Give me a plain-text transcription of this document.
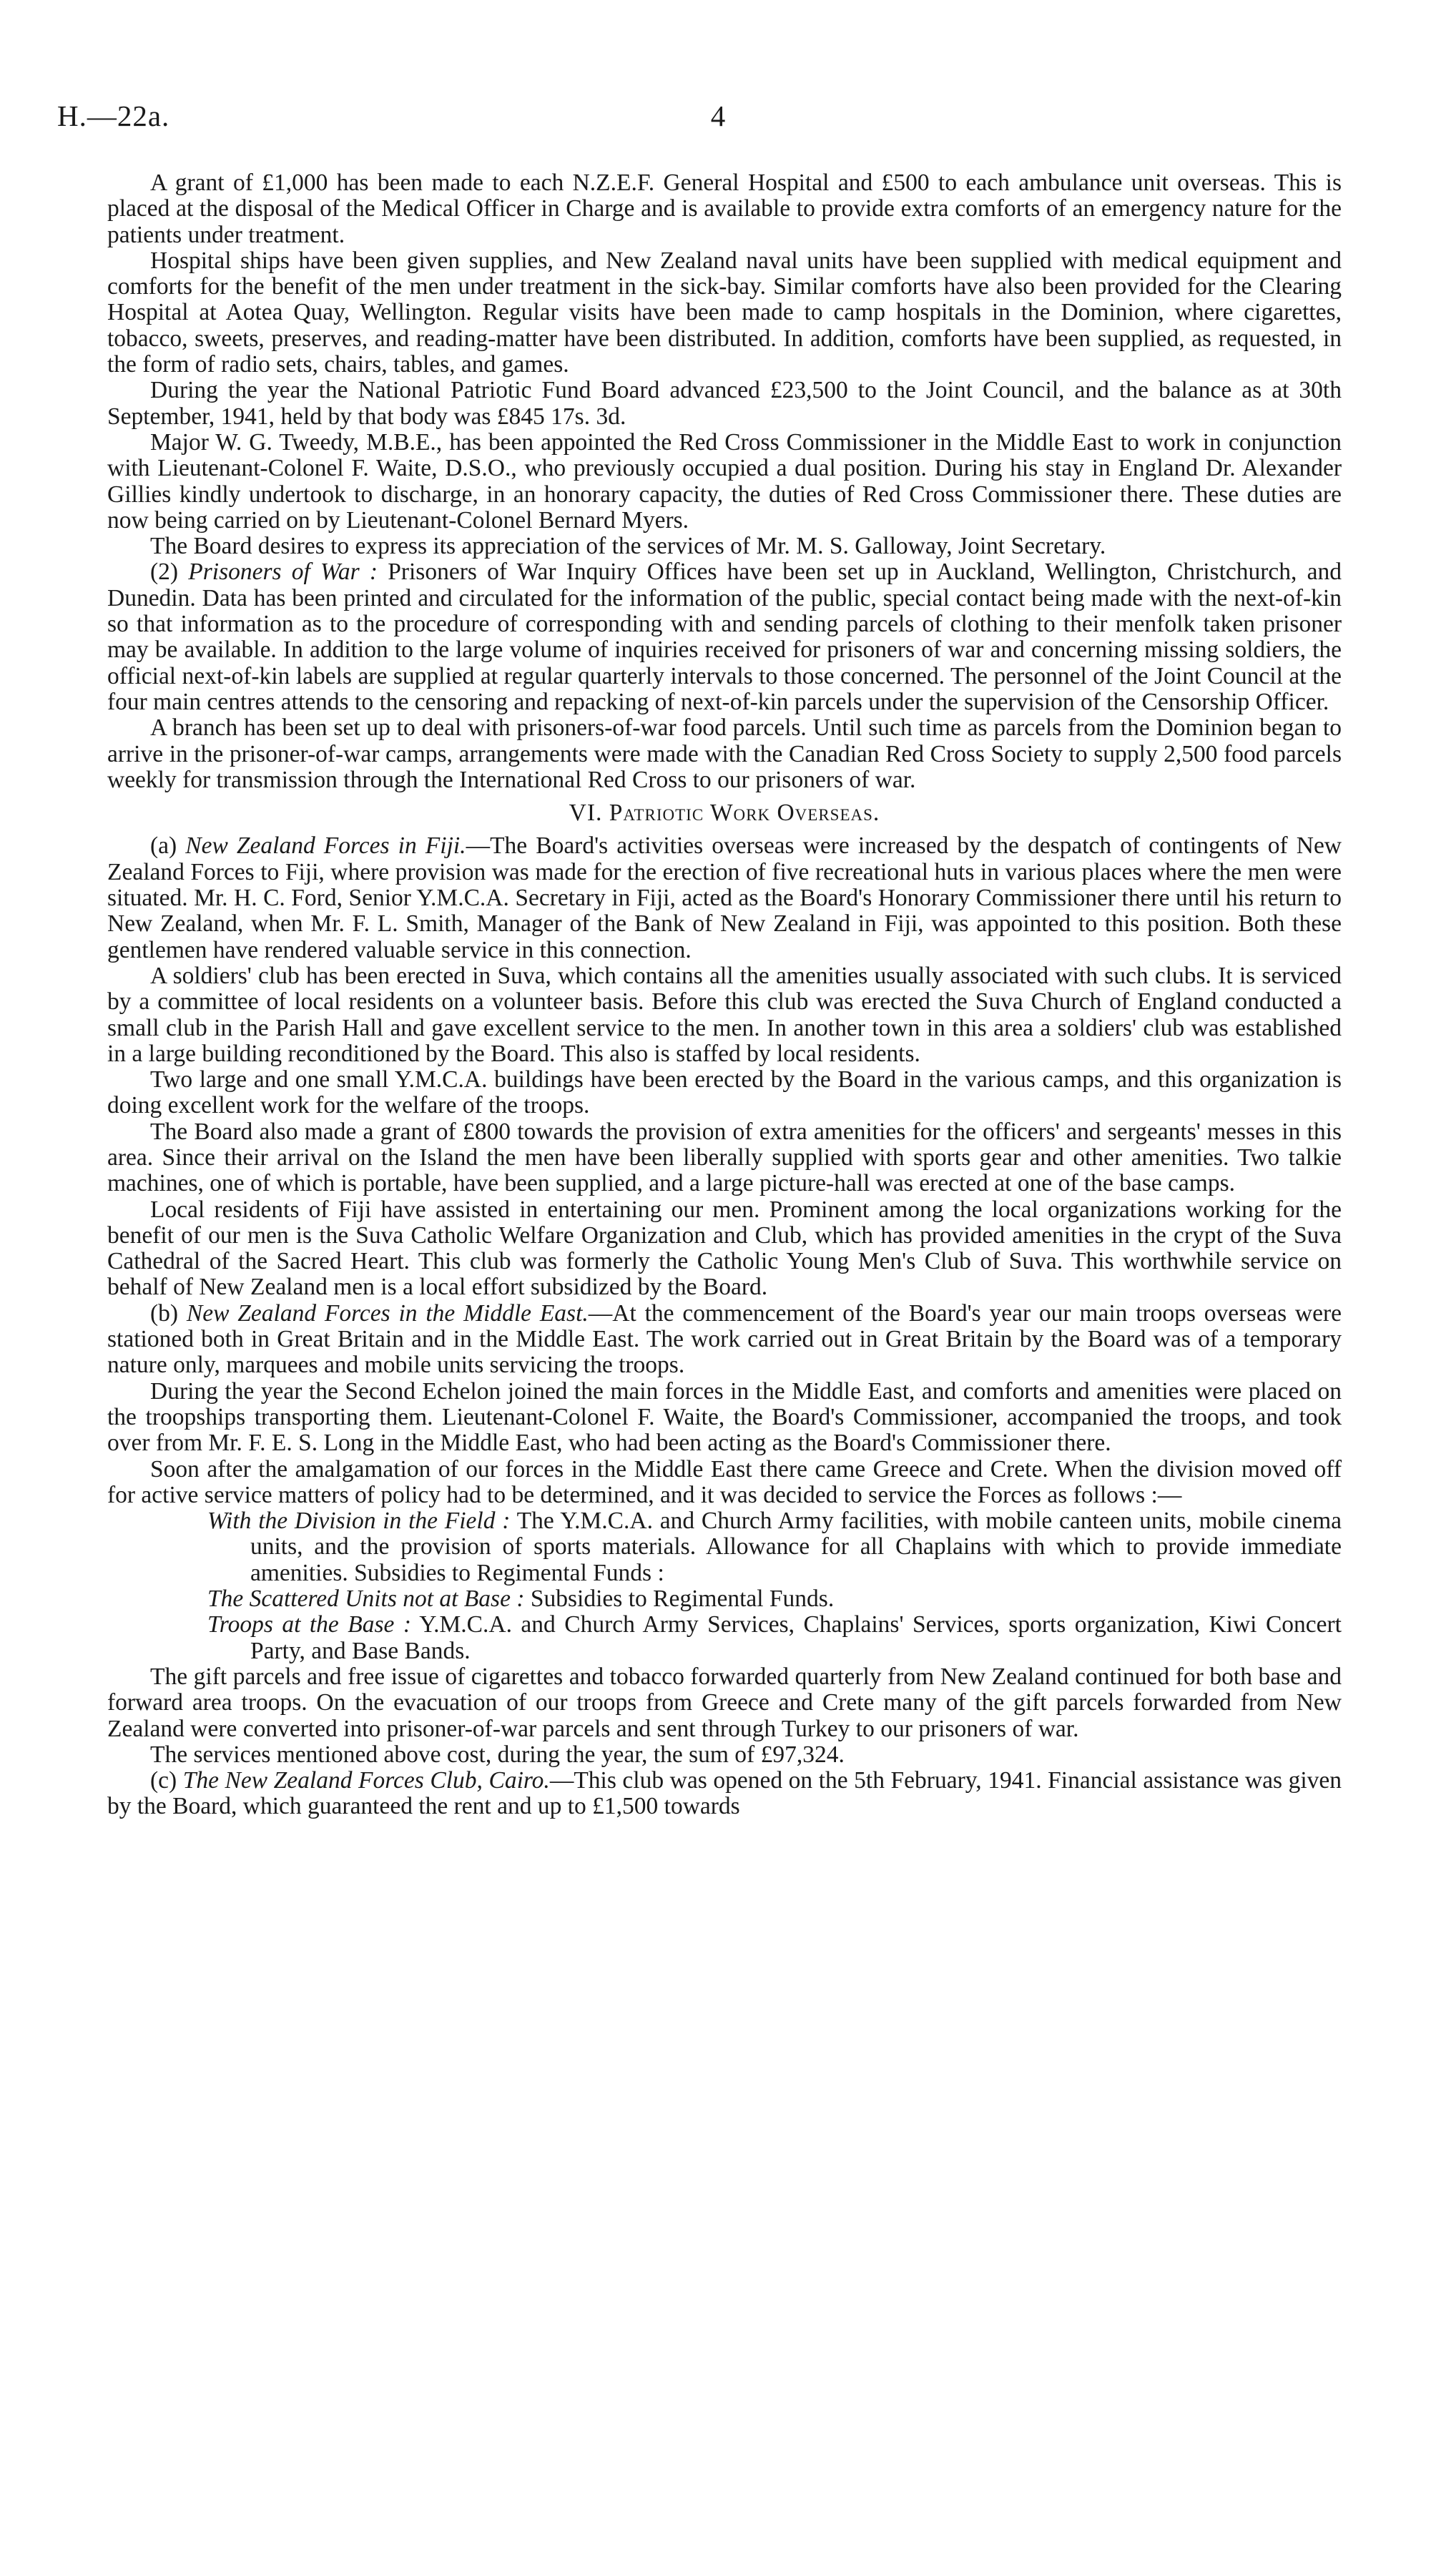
H.—22a.	4

A grant of £1,000 has been made to each N.Z.E.F. General Hospital and £500 to each ambulance unit overseas. This is placed at the disposal of the Medical Officer in Charge and is available to provide extra comforts of an emergency nature for the patients under treatment.

Hospital ships have been given supplies, and New Zealand naval units have been supplied with medical equipment and comforts for the benefit of the men under treatment in the sick-bay. Similar comforts have also been provided for the Clearing Hospital at Aotea Quay, Wellington. Regular visits have been made to camp hospitals in the Dominion, where cigarettes, tobacco, sweets, preserves, and reading-matter have been distributed. In addition, comforts have been supplied, as requested, in the form of radio sets, chairs, tables, and games.

During the year the National Patriotic Fund Board advanced £23,500 to the Joint Council, and the balance as at 30th September, 1941, held by that body was £845 17s. 3d.

Major W. G. Tweedy, M.B.E., has been appointed the Red Cross Commissioner in the Middle East to work in conjunction with Lieutenant-Colonel F. Waite, D.S.O., who previously occupied a dual position. During his stay in England Dr. Alexander Gillies kindly undertook to discharge, in an honorary capacity, the duties of Red Cross Commissioner there. These duties are now being carried on by Lieutenant-Colonel Bernard Myers.

The Board desires to express its appreciation of the services of Mr. M. S. Galloway, Joint Secretary.

(2) Prisoners of War : Prisoners of War Inquiry Offices have been set up in Auckland, Wellington, Christchurch, and Dunedin. Data has been printed and circulated for the information of the public, special contact being made with the next-of-kin so that information as to the procedure of corresponding with and sending parcels of clothing to their menfolk taken prisoner may be available. In addition to the large volume of inquiries received for prisoners of war and concerning missing soldiers, the official next-of-kin labels are supplied at regular quarterly intervals to those concerned. The personnel of the Joint Council at the four main centres attends to the censoring and repacking of next-of-kin parcels under the supervision of the Censorship Officer.

A branch has been set up to deal with prisoners-of-war food parcels. Until such time as parcels from the Dominion began to arrive in the prisoner-of-war camps, arrangements were made with the Canadian Red Cross Society to supply 2,500 food parcels weekly for transmission through the International Red Cross to our prisoners of war.

VI. Patriotic Work Overseas.

(a) New Zealand Forces in Fiji.—The Board's activities overseas were increased by the despatch of contingents of New Zealand Forces to Fiji, where provision was made for the erection of five recreational huts in various places where the men were situated. Mr. H. C. Ford, Senior Y.M.C.A. Secretary in Fiji, acted as the Board's Honorary Commissioner there until his return to New Zealand, when Mr. F. L. Smith, Manager of the Bank of New Zealand in Fiji, was appointed to this position. Both these gentlemen have rendered valuable service in this connection.

A soldiers' club has been erected in Suva, which contains all the amenities usually associated with such clubs. It is serviced by a committee of local residents on a volunteer basis. Before this club was erected the Suva Church of England conducted a small club in the Parish Hall and gave excellent service to the men. In another town in this area a soldiers' club was established in a large building reconditioned by the Board. This also is staffed by local residents.

Two large and one small Y.M.C.A. buildings have been erected by the Board in the various camps, and this organization is doing excellent work for the welfare of the troops.

The Board also made a grant of £800 towards the provision of extra amenities for the officers' and sergeants' messes in this area. Since their arrival on the Island the men have been liberally supplied with sports gear and other amenities. Two talkie machines, one of which is portable, have been supplied, and a large picture-hall was erected at one of the base camps.

Local residents of Fiji have assisted in entertaining our men. Prominent among the local organizations working for the benefit of our men is the Suva Catholic Welfare Organization and Club, which has provided amenities in the crypt of the Suva Cathedral of the Sacred Heart. This club was formerly the Catholic Young Men's Club of Suva. This worthwhile service on behalf of New Zealand men is a local effort subsidized by the Board.

(b) New Zealand Forces in the Middle East.—At the commencement of the Board's year our main troops overseas were stationed both in Great Britain and in the Middle East. The work carried out in Great Britain by the Board was of a temporary nature only, marquees and mobile units servicing the troops.

During the year the Second Echelon joined the main forces in the Middle East, and comforts and amenities were placed on the troopships transporting them. Lieutenant-Colonel F. Waite, the Board's Commissioner, accompanied the troops, and took over from Mr. F. E. S. Long in the Middle East, who had been acting as the Board's Commissioner there.

Soon after the amalgamation of our forces in the Middle East there came Greece and Crete. When the division moved off for active service matters of policy had to be determined, and it was decided to service the Forces as follows :—

With the Division in the Field : The Y.M.C.A. and Church Army facilities, with mobile canteen units, mobile cinema units, and the provision of sports materials. Allowance for all Chaplains with which to provide immediate amenities. Subsidies to Regimental Funds :
The Scattered Units not at Base : Subsidies to Regimental Funds.
Troops at the Base : Y.M.C.A. and Church Army Services, Chaplains' Services, sports organization, Kiwi Concert Party, and Base Bands.

The gift parcels and free issue of cigarettes and tobacco forwarded quarterly from New Zealand continued for both base and forward area troops. On the evacuation of our troops from Greece and Crete many of the gift parcels forwarded from New Zealand were converted into prisoner-of-war parcels and sent through Turkey to our prisoners of war.

The services mentioned above cost, during the year, the sum of £97,324.

(c) The New Zealand Forces Club, Cairo.—This club was opened on the 5th February, 1941. Financial assistance was given by the Board, which guaranteed the rent and up to £1,500 towards
